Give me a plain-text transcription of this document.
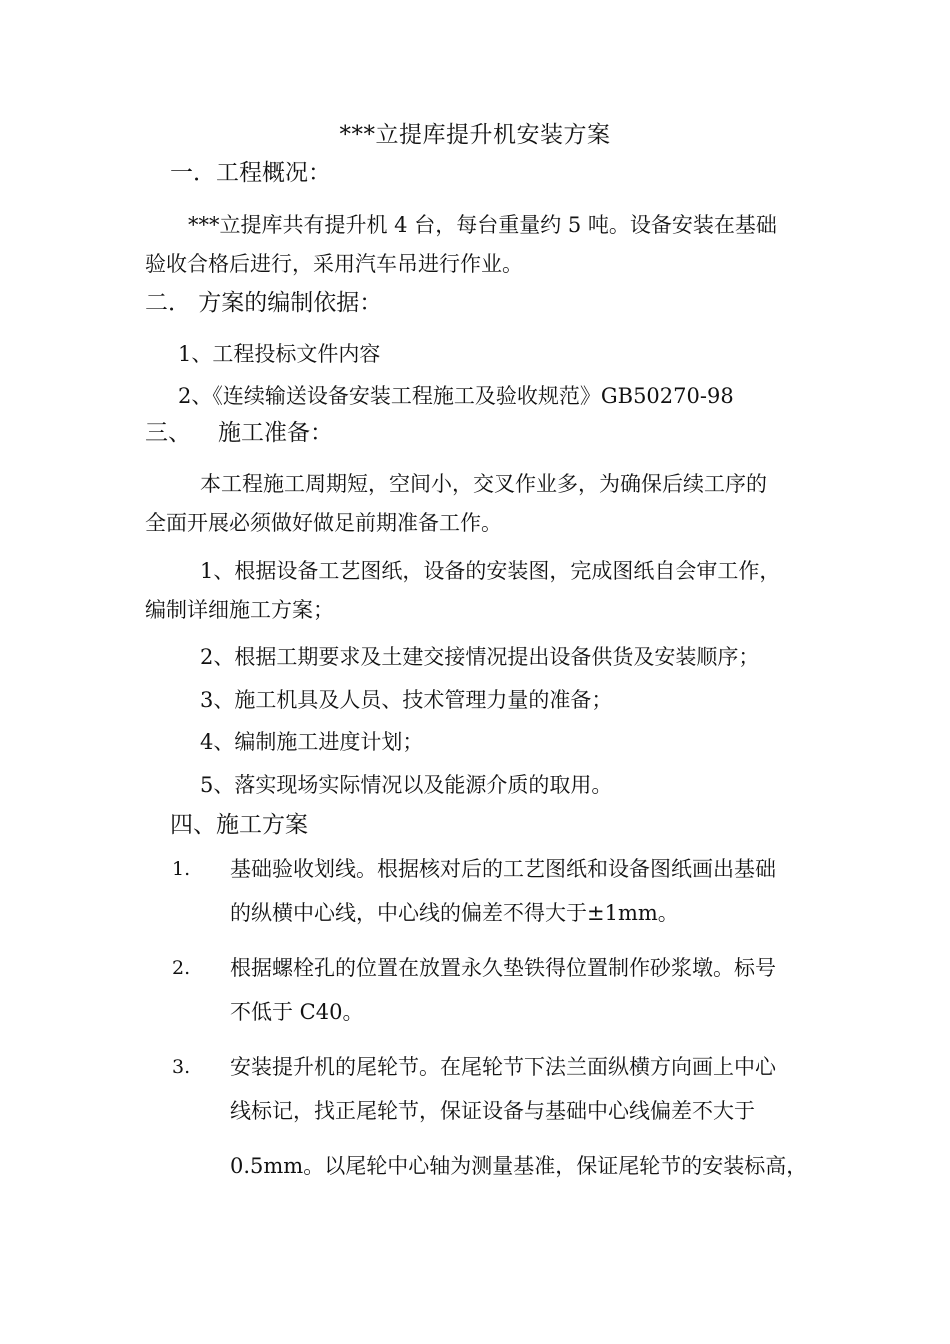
***立提库提升机安装方案
一．工程概况：
***立提库共有提升机 4 台，每台重量约 5 吨。设备安装在基础
验收合格后进行，采用汽车吊进行作业。
二． 方案的编制依据：
1、工程投标文件内容
2、《连续输送设备安装工程施工及验收规范》GB50270-98
三、 施工准备：
本工程施工周期短，空间小，交叉作业多，为确保后续工序的
全面开展必须做好做足前期准备工作。
1、根据设备工艺图纸，设备的安装图，完成图纸自会审工作，
编制详细施工方案；
2、根据工期要求及土建交接情况提出设备供货及安装顺序；
3、施工机具及人员、技术管理力量的准备；
4、编制施工进度计划；
5、落实现场实际情况以及能源介质的取用。
四、施工方案
1. 基础验收划线。根据核对后的工艺图纸和设备图纸画出基础
的纵横中心线，中心线的偏差不得大于±1mm。
2. 根据螺栓孔的位置在放置永久垫铁得位置制作砂浆墩。标号
不低于 C40。
3. 安装提升机的尾轮节。在尾轮节下法兰面纵横方向画上中心
线标记，找正尾轮节，保证设备与基础中心线偏差不大于
0.5mm。以尾轮中心轴为测量基准，保证尾轮节的安装标高，
